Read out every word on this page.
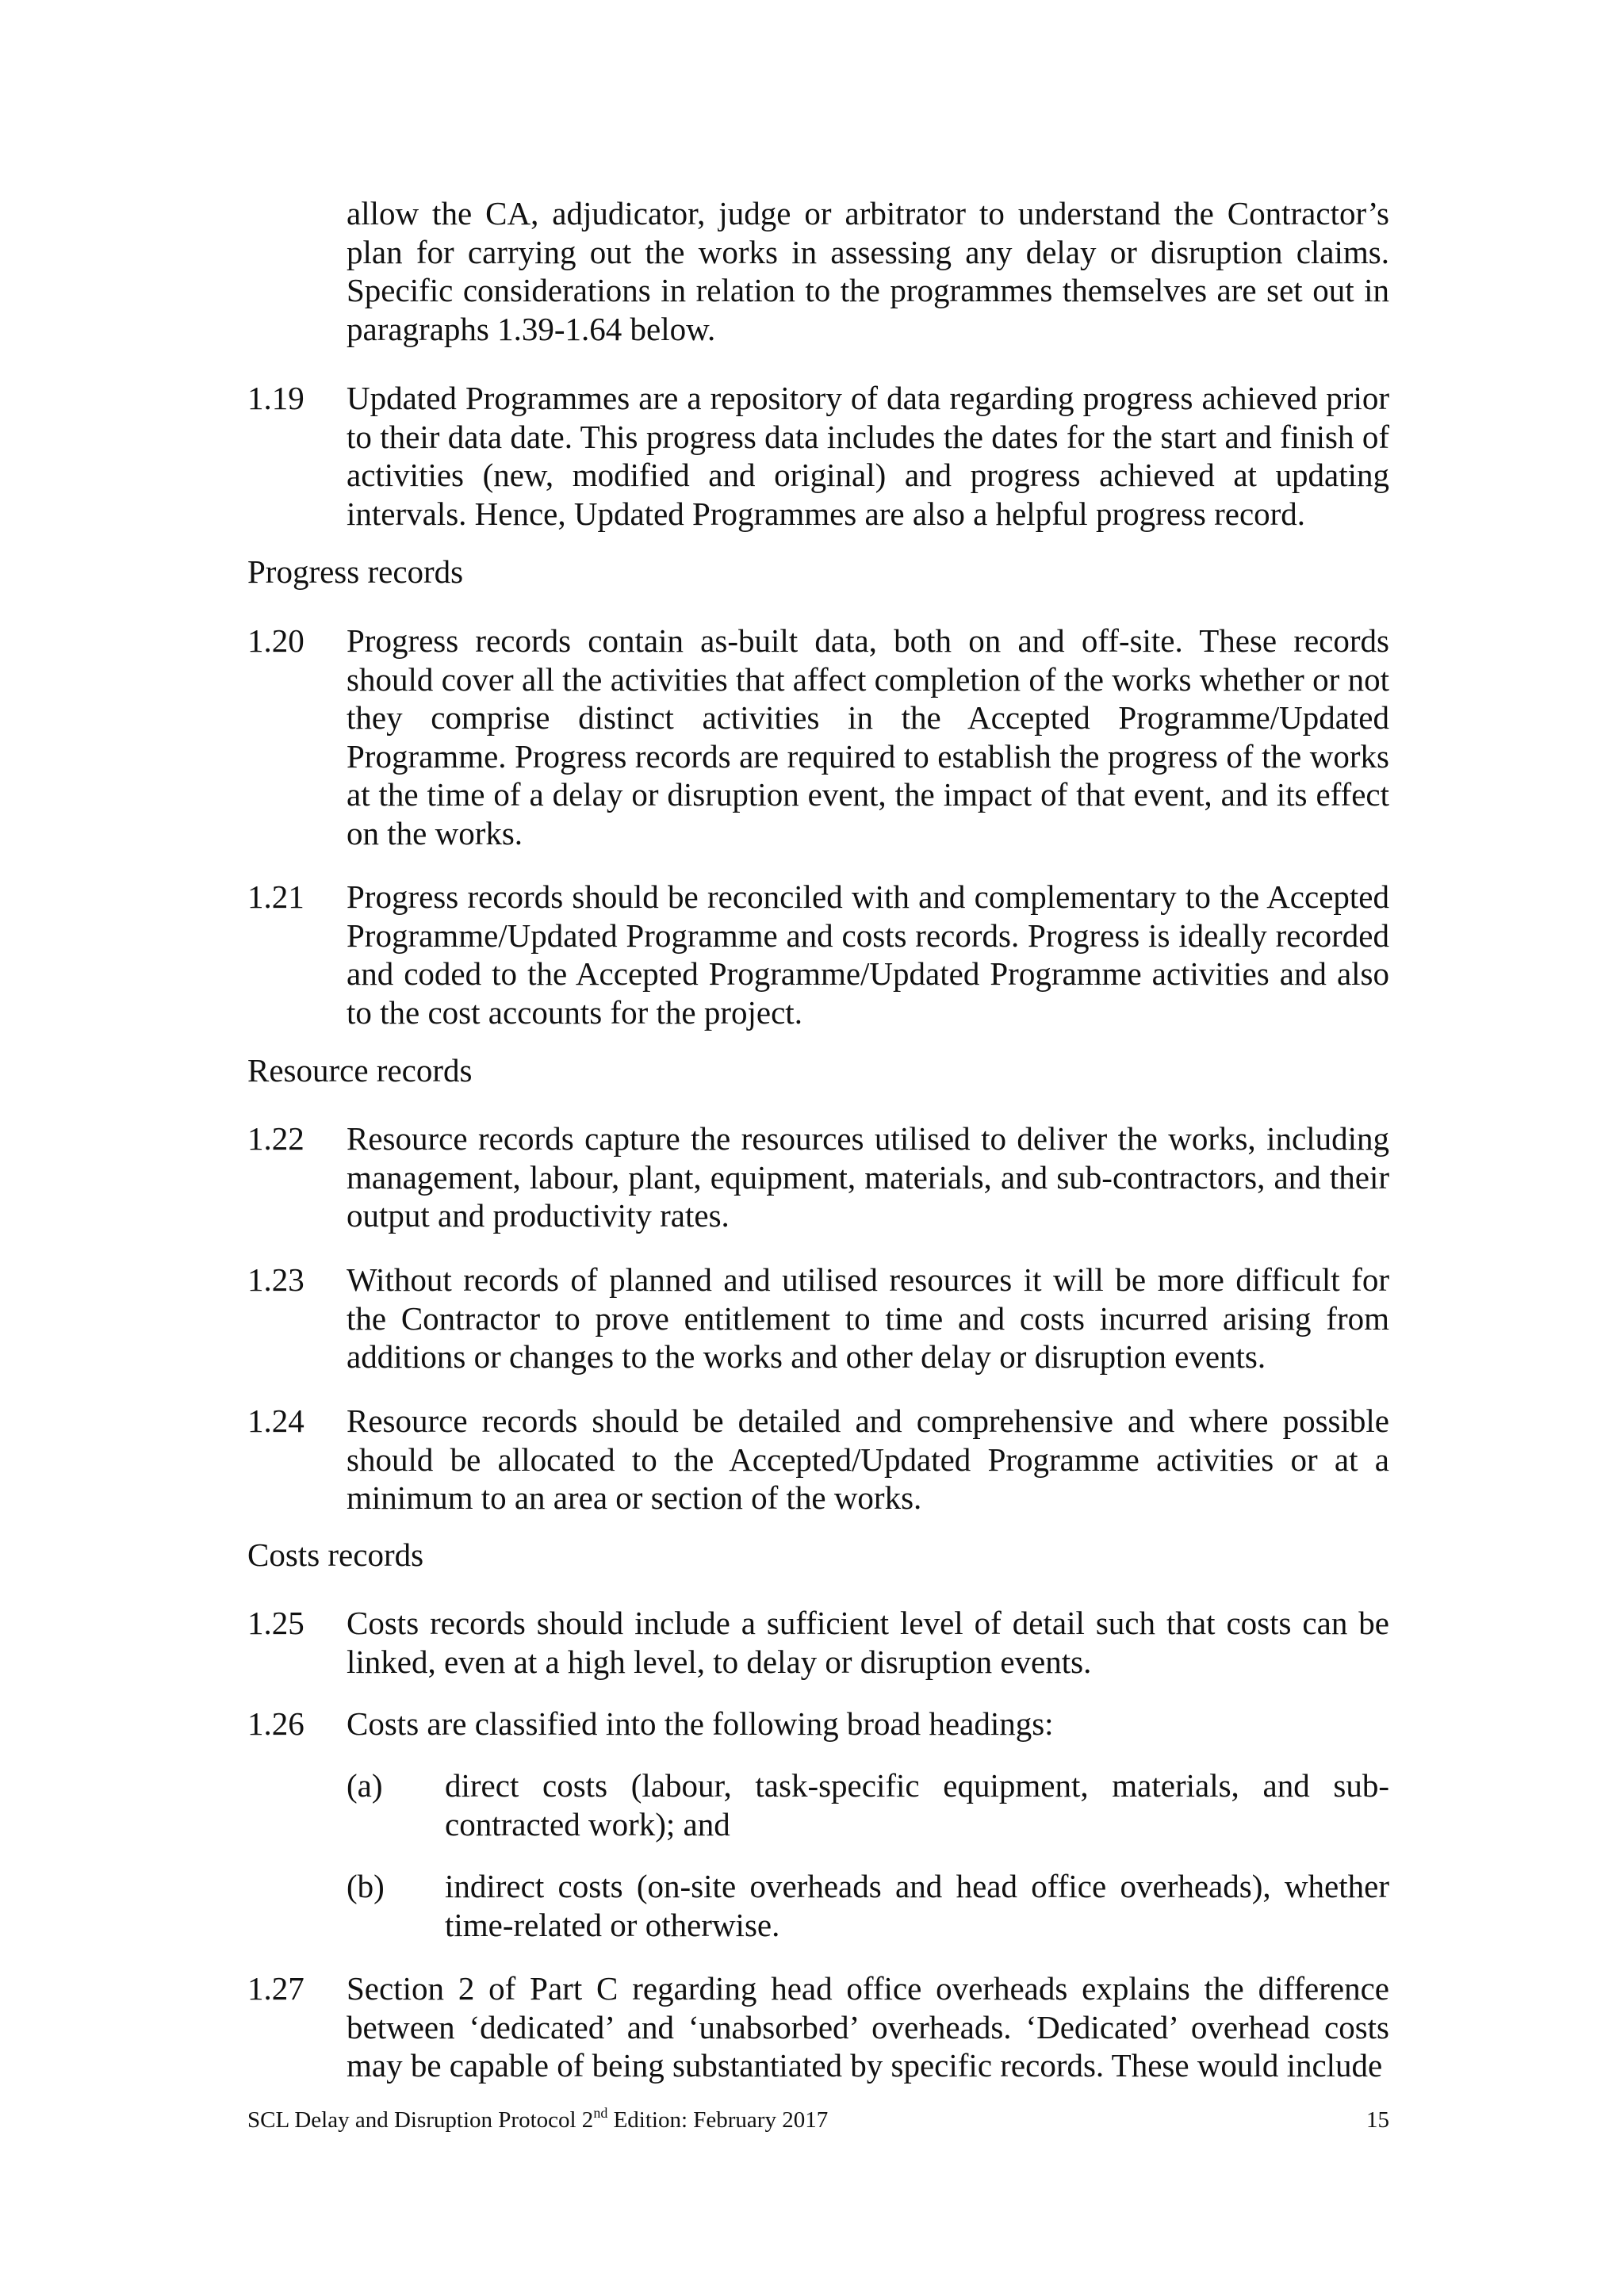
allow the CA, adjudicator, judge or arbitrator to understand the Contractor’s plan for carrying out the works in assessing any delay or disruption claims. Specific considerations in relation to the programmes themselves are set out in paragraphs 1.39-1.64 below.
1.19 Updated Programmes are a repository of data regarding progress achieved prior to their data date. This progress data includes the dates for the start and finish of activities (new, modified and original) and progress achieved at updating intervals. Hence, Updated Programmes are also a helpful progress record.
Progress records
1.20 Progress records contain as-built data, both on and off-site. These records should cover all the activities that affect completion of the works whether or not they comprise distinct activities in the Accepted Programme/Updated Programme. Progress records are required to establish the progress of the works at the time of a delay or disruption event, the impact of that event, and its effect on the works.
1.21 Progress records should be reconciled with and complementary to the Accepted Programme/Updated Programme and costs records. Progress is ideally recorded and coded to the Accepted Programme/Updated Programme activities and also to the cost accounts for the project.
Resource records
1.22 Resource records capture the resources utilised to deliver the works, including management, labour, plant, equipment, materials, and sub-contractors, and their output and productivity rates.
1.23 Without records of planned and utilised resources it will be more difficult for the Contractor to prove entitlement to time and costs incurred arising from additions or changes to the works and other delay or disruption events.
1.24 Resource records should be detailed and comprehensive and where possible should be allocated to the Accepted/Updated Programme activities or at a minimum to an area or section of the works.
Costs records
1.25 Costs records should include a sufficient level of detail such that costs can be linked, even at a high level, to delay or disruption events.
1.26 Costs are classified into the following broad headings:
(a) direct costs (labour, task-specific equipment, materials, and sub-contracted work); and
(b) indirect costs (on-site overheads and head office overheads), whether time-related or otherwise.
1.27 Section 2 of Part C regarding head office overheads explains the difference between ‘dedicated’ and ‘unabsorbed’ overheads. ‘Dedicated’ overhead costs may be capable of being substantiated by specific records. These would include
SCL Delay and Disruption Protocol 2nd Edition: February 2017	15
